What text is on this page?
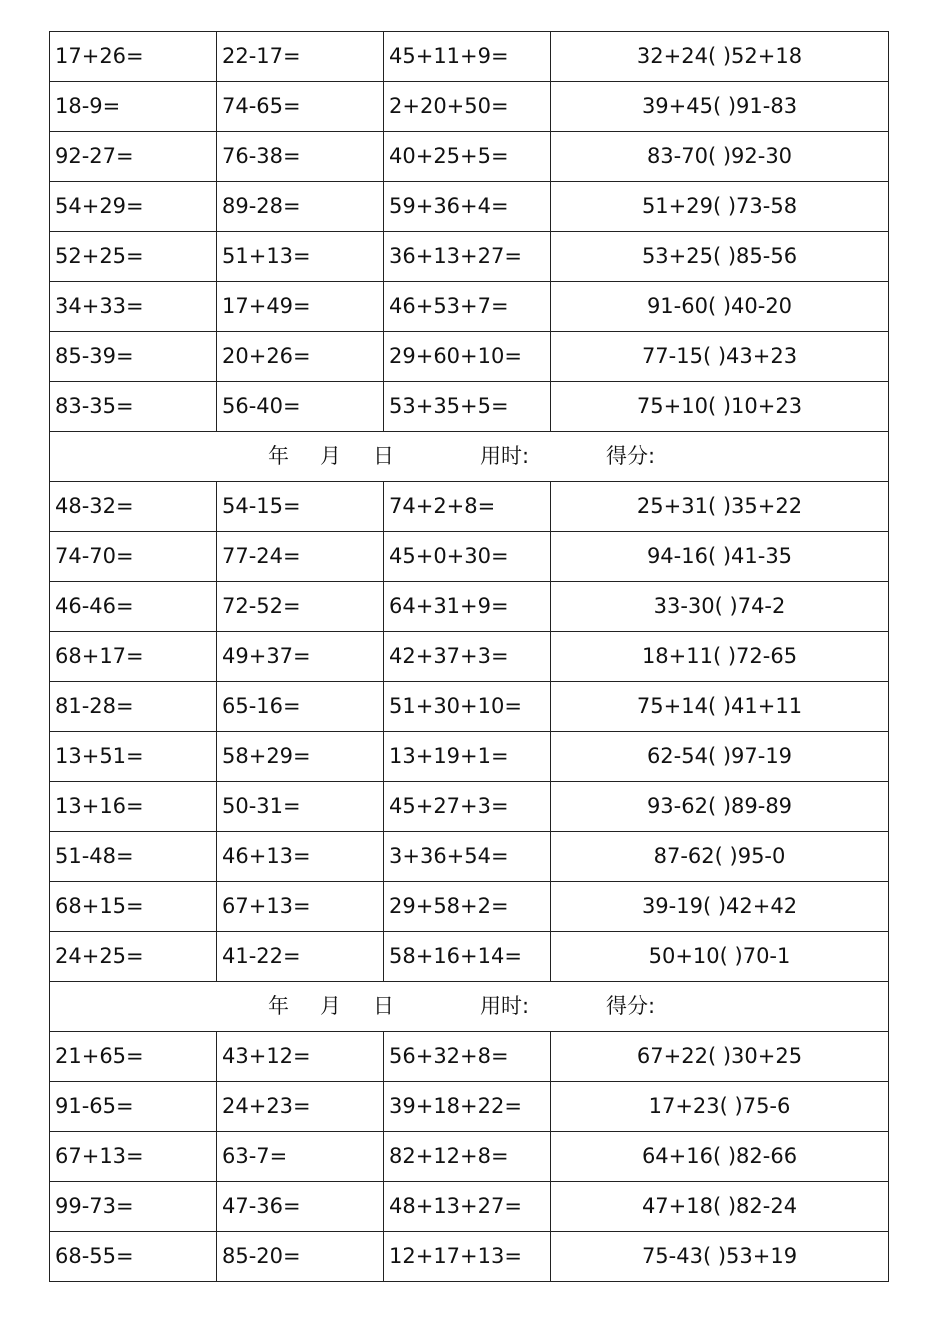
17+26=	22-17=	45+11+9=	32+24( )52+18
18-9=	74-65=	2+20+50=	39+45( )91-83
92-27=	76-38=	40+25+5=	83-70( )92-30
54+29=	89-28=	59+36+4=	51+29( )73-58
52+25=	51+13=	36+13+27=	53+25( )85-56
34+33=	17+49=	46+53+7=	91-60( )40-20
85-39=	20+26=	29+60+10=	77-15( )43+23
83-35=	56-40=	53+35+5=	75+10( )10+23

年 月 日 用时: 得分:			

48-32=	54-15=	74+2+8=	25+31( )35+22
74-70=	77-24=	45+0+30=	94-16( )41-35
46-46=	72-52=	64+31+9=	33-30( )74-2
68+17=	49+37=	42+37+3=	18+11( )72-65
81-28=	65-16=	51+30+10=	75+14( )41+11
13+51=	58+29=	13+19+1=	62-54( )97-19
13+16=	50-31=	45+27+3=	93-62( )89-89
51-48=	46+13=	3+36+54=	87-62( )95-0
68+15=	67+13=	29+58+2=	39-19( )42+42
24+25=	41-22=	58+16+14=	50+10( )70-1

年 月 日 用时: 得分:			

21+65=	43+12=	56+32+8=	67+22( )30+25
91-65=	24+23=	39+18+22=	17+23( )75-6
67+13=	63-7=	82+12+8=	64+16( )82-66
99-73=	47-36=	48+13+27=	47+18( )82-24
68-55=	85-20=	12+17+13=	75-43( )53+19
